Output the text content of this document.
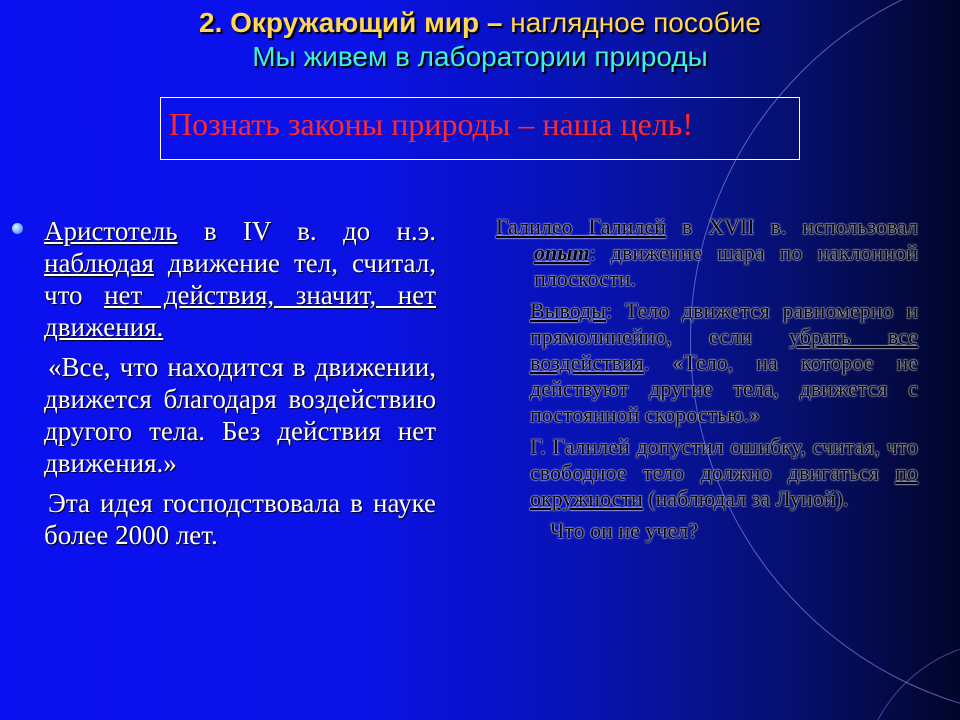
2. Окружающий мир – наглядное пособие
Мы живем в лаборатории природы
Познать законы природы – наша цель!

Аристотель в IV в. до н.э. наблюдая движение тел, считал, что нет действия, значит, нет движения.

«Все, что находится в движении, движется благодаря воздействию другого тела. Без действия нет движения.»

Эта идея господствовала в науке более 2000 лет.

Галилео Галилей в XVII в. использовал опыт: движение шара по наклонной плоскости.

Выводы: Тело движется равномерно и прямолинейно, если убрать все воздействия. «Тело, на которое не действуют другие тела, движется с постоянной скоростью.»

Г. Галилей допустил ошибку, считая, что свободное тело должно двигаться по окружности (наблюдал за Луной).

Что он не учел?
